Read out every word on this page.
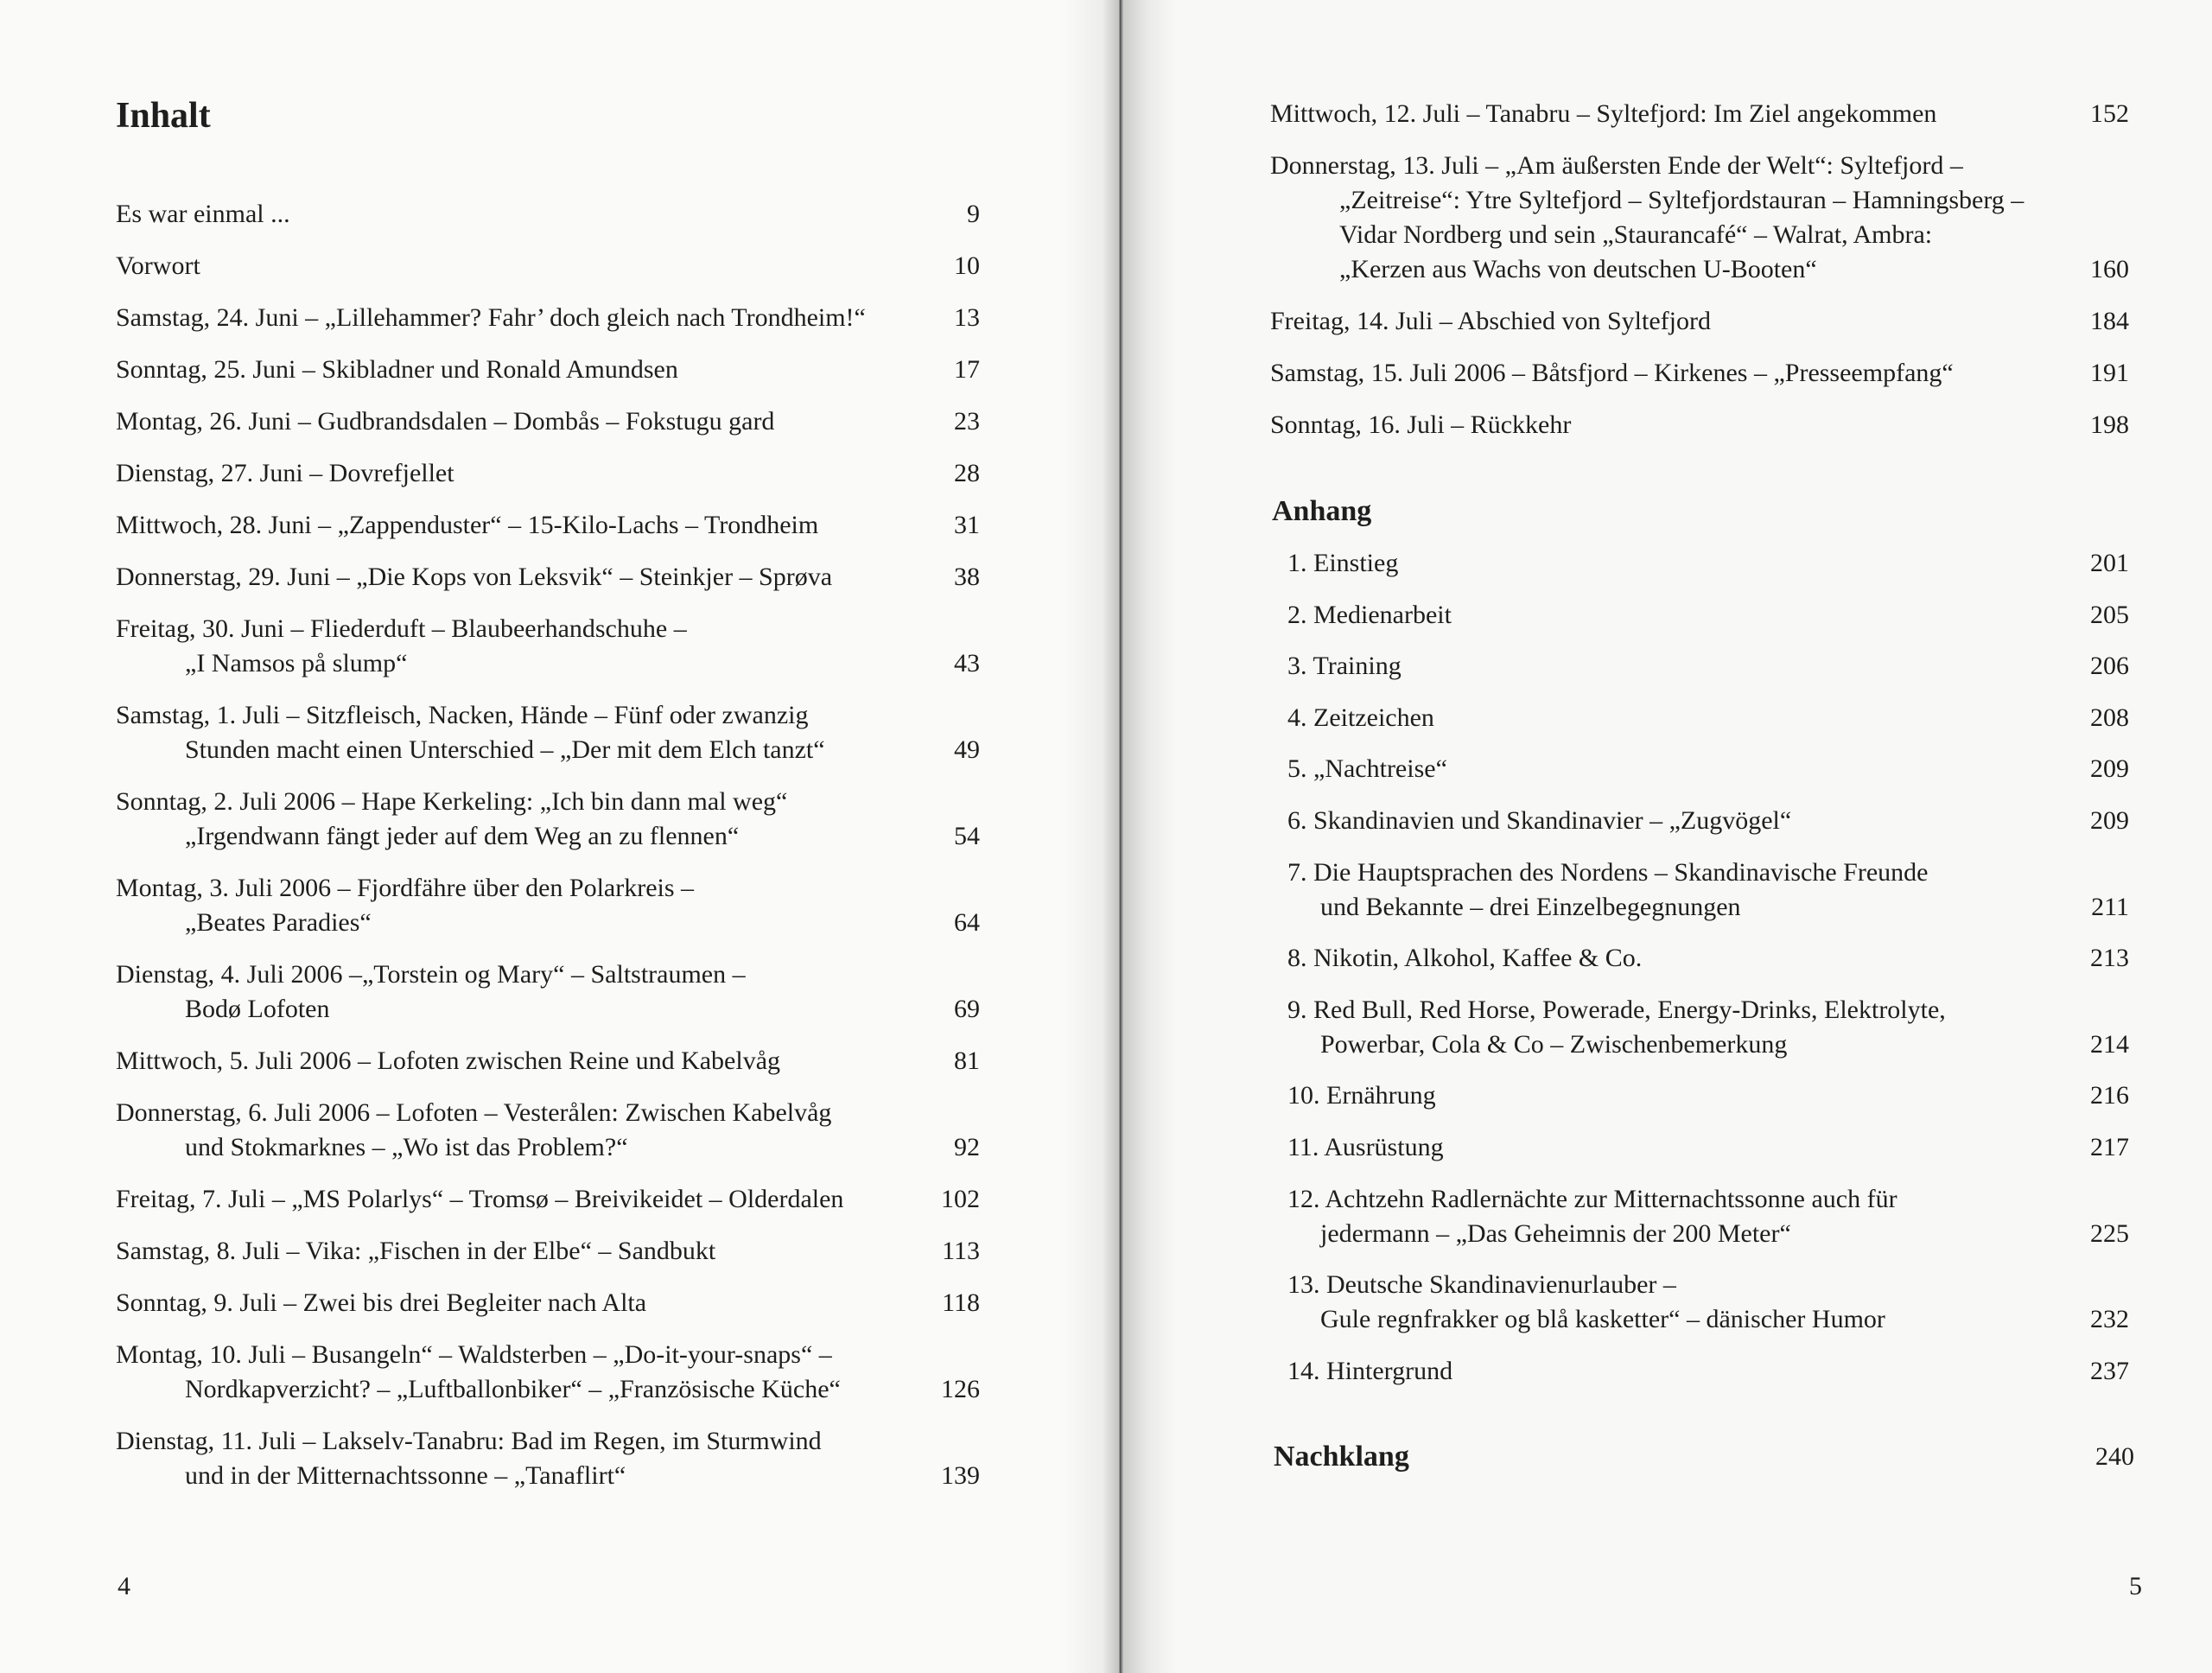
Inhalt
Es war einmal ...	9
Vorwort	10
Samstag, 24. Juni – „Lillehammer? Fahr’ doch gleich nach Trondheim!“	13
Sonntag, 25. Juni – Skibladner und Ronald Amundsen	17
Montag, 26. Juni – Gudbrandsdalen – Dombås – Fokstugu gard	23
Dienstag, 27. Juni – Dovrefjellet	28
Mittwoch, 28. Juni – „Zappenduster“ – 15-Kilo-Lachs – Trondheim	31
Donnerstag, 29. Juni – „Die Kops von Leksvik“ – Steinkjer – Sprøva	38
Freitag, 30. Juni – Fliederduft – Blaubeerhandschuhe –
„I Namsos på slump“	43
Samstag, 1. Juli – Sitzfleisch, Nacken, Hände – Fünf oder zwanzig
Stunden macht einen Unterschied – „Der mit dem Elch tanzt“	49
Sonntag, 2. Juli 2006 – Hape Kerkeling: „Ich bin dann mal weg“
„Irgendwann fängt jeder auf dem Weg an zu flennen“	54
Montag, 3. Juli 2006 – Fjordfähre über den Polarkreis –
„Beates Paradies“	64
Dienstag, 4. Juli 2006 –„Torstein og Mary“ – Saltstraumen –
Bodø Lofoten	69
Mittwoch, 5. Juli 2006 – Lofoten zwischen Reine und Kabelvåg	81
Donnerstag, 6. Juli 2006 – Lofoten – Vesterålen: Zwischen Kabelvåg
und Stokmarknes – „Wo ist das Problem?“	92
Freitag, 7. Juli – „MS Polarlys“ – Tromsø – Breivikeidet – Olderdalen	102
Samstag, 8. Juli – Vika: „Fischen in der Elbe“ – Sandbukt	113
Sonntag, 9. Juli – Zwei bis drei Begleiter nach Alta	118
Montag, 10. Juli – Busangeln“ – Waldsterben – „Do-it-your-snaps“ –
Nordkapverzicht? – „Luftballonbiker“ – „Französische Küche“	126
Dienstag, 11. Juli – Lakselv-Tanabru: Bad im Regen, im Sturmwind
und in der Mitternachtssonne – „Tanaflirt“	139
4
Mittwoch, 12. Juli – Tanabru – Syltefjord: Im Ziel angekommen	152
Donnerstag, 13. Juli – „Am äußersten Ende der Welt“: Syltefjord –
„Zeitreise“: Ytre Syltefjord – Syltefjordstauran – Hamningsberg –
Vidar Nordberg und sein „Staurancafé“ – Walrat, Ambra:
„Kerzen aus Wachs von deutschen U-Booten“	160
Freitag, 14. Juli – Abschied von Syltefjord	184
Samstag, 15. Juli 2006 – Båtsfjord – Kirkenes – „Presseempfang“	191
Sonntag, 16. Juli – Rückkehr	198
Anhang
1. Einstieg	201
2. Medienarbeit	205
3. Training	206
4. Zeitzeichen	208
5. „Nachtreise“	209
6. Skandinavien und Skandinavier – „Zugvögel“	209
7. Die Hauptsprachen des Nordens – Skandinavische Freunde
und Bekannte – drei Einzelbegegnungen	211
8. Nikotin, Alkohol, Kaffee & Co.	213
9. Red Bull, Red Horse, Powerade, Energy-Drinks, Elektrolyte,
Powerbar, Cola & Co – Zwischenbemerkung	214
10. Ernährung	216
11. Ausrüstung	217
12. Achtzehn Radlernächte zur Mitternachtssonne auch für
jedermann – „Das Geheimnis der 200 Meter“	225
13. Deutsche Skandinavienurlauber –
Gule regnfrakker og blå kasketter“ – dänischer Humor	232
14. Hintergrund	237
Nachklang	240
5
